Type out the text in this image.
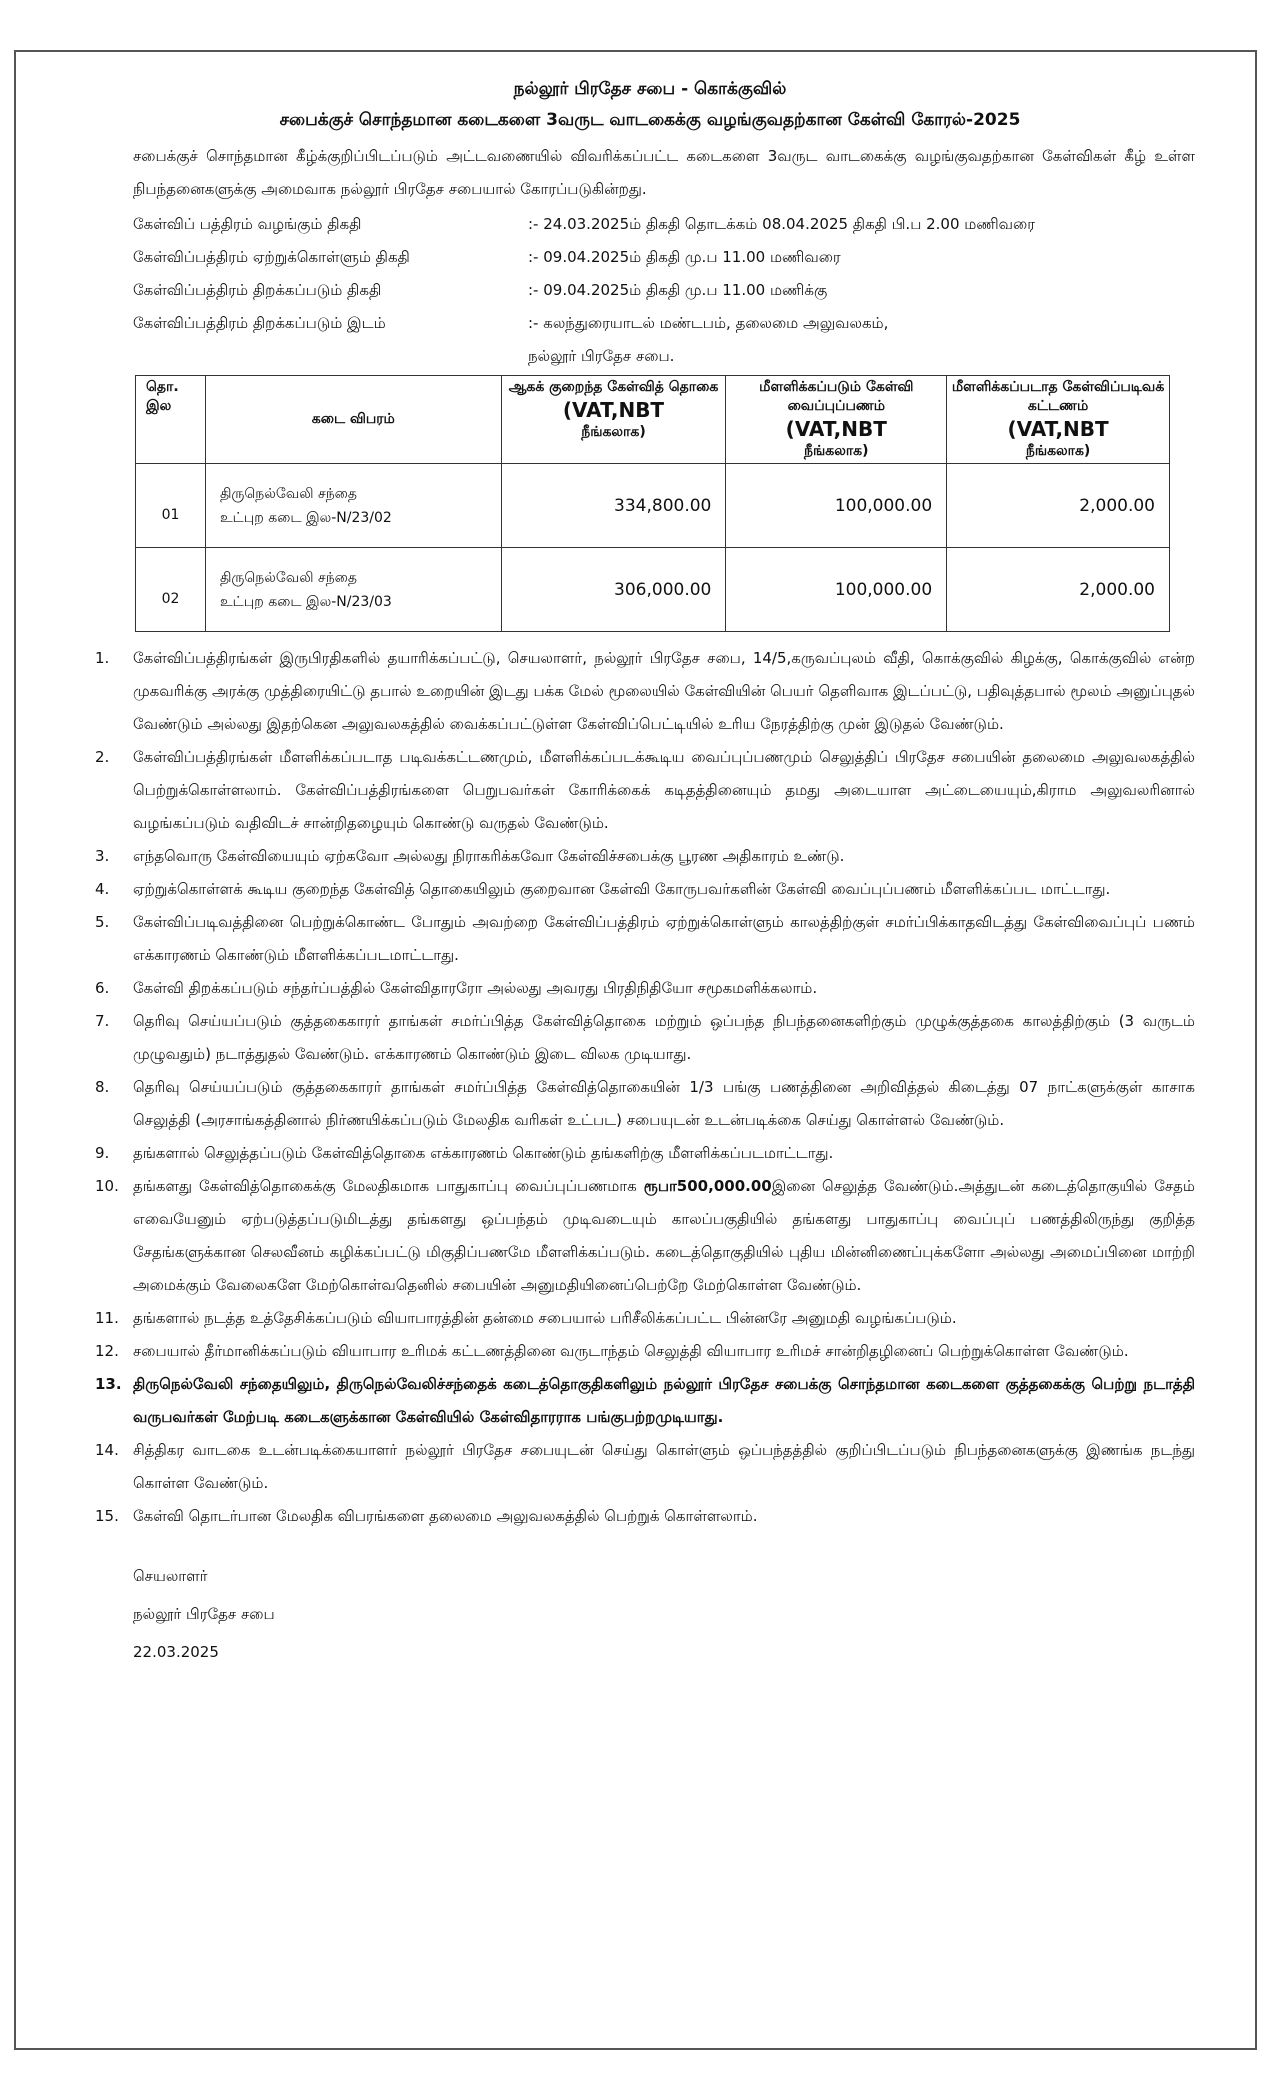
நல்லூர் பிரதேச சபை - கொக்குவில்
சபைக்குச் சொந்தமான கடைகளை 3வருட வாடகைக்கு வழங்குவதற்கான கேள்வி கோரல்-2025

சபைக்குச் சொந்தமான கீழ்க்குறிப்பிடப்படும் அட்டவணையில் விவரிக்கப்பட்ட கடைகளை 3வருட வாடகைக்கு வழங்குவதற்கான கேள்விகள் கீழ் உள்ள நிபந்தனைகளுக்கு அமைவாக நல்லூர் பிரதேச சபையால் கோரப்படுகின்றது.

கேள்விப் பத்திரம் வழங்கும் திகதி	:- 24.03.2025ம் திகதி தொடக்கம் 08.04.2025 திகதி பி.ப 2.00 மணிவரை
கேள்விப்பத்திரம் ஏற்றுக்கொள்ளும் திகதி	:- 09.04.2025ம் திகதி மு.ப 11.00 மணிவரை
கேள்விப்பத்திரம் திறக்கப்படும் திகதி	:- 09.04.2025ம் திகதி மு.ப 11.00 மணிக்கு
கேள்விப்பத்திரம் திறக்கப்படும் இடம்	:- கலந்துரையாடல் மண்டபம், தலைமை அலுவலகம்,
நல்லூர் பிரதேச சபை.
தொ. இல	கடை விபரம்	ஆகக் குறைந்த கேள்வித் தொகை
(VAT,NBT
நீங்கலாக)	மீளளிக்கப்படும் கேள்வி வைப்புப்பணம்
(VAT,NBT
நீங்கலாக)	மீளளிக்கப்படாத கேள்விப்படிவக் கட்டணம்
(VAT,NBT
நீங்கலாக)
01	திருநெல்வேலி சந்தை
உட்புற கடை இல-N/23/02	334,800.00	100,000.00	2,000.00
02	திருநெல்வேலி சந்தை
உட்புற கடை இல-N/23/03	306,000.00	100,000.00	2,000.00
1.	கேள்விப்பத்திரங்கள் இருபிரதிகளில் தயாரிக்கப்பட்டு, செயலாளர், நல்லூர் பிரதேச சபை, 14/5,கருவப்புலம் வீதி, கொக்குவில் கிழக்கு, கொக்குவில் என்ற முகவரிக்கு அரக்கு முத்திரையிட்டு தபால் உறையின் இடது பக்க மேல் மூலையில் கேள்வியின் பெயர் தெளிவாக இடப்பட்டு, பதிவுத்தபால் மூலம் அனுப்புதல் வேண்டும் அல்லது இதற்கென அலுவலகத்தில் வைக்கப்பட்டுள்ள கேள்விப்பெட்டியில் உரிய நேரத்திற்கு முன் இடுதல் வேண்டும்.
2.	கேள்விப்பத்திரங்கள் மீளளிக்கப்படாத படிவக்கட்டணமும், மீளளிக்கப்படக்கூடிய வைப்புப்பணமும் செலுத்திப் பிரதேச சபையின் தலைமை அலுவலகத்தில் பெற்றுக்கொள்ளலாம். கேள்விப்பத்திரங்களை பெறுபவர்கள் கோரிக்கைக் கடிதத்தினையும் தமது அடையாள அட்டையையும்,கிராம அலுவலரினால் வழங்கப்படும் வதிவிடச் சான்றிதழையும் கொண்டு வருதல் வேண்டும்.
3.	எந்தவொரு கேள்வியையும் ஏற்கவோ அல்லது நிராகரிக்கவோ கேள்விச்சபைக்கு பூரண அதிகாரம் உண்டு.
4.	ஏற்றுக்கொள்ளக் கூடிய குறைந்த கேள்வித் தொகையிலும் குறைவான கேள்வி கோருபவர்களின் கேள்வி வைப்புப்பணம் மீளளிக்கப்பட மாட்டாது.
5.	கேள்விப்படிவத்தினை பெற்றுக்கொண்ட போதும் அவற்றை கேள்விப்பத்திரம் ஏற்றுக்கொள்ளும் காலத்திற்குள் சமர்ப்பிக்காதவிடத்து கேள்விவைப்புப் பணம் எக்காரணம் கொண்டும் மீளளிக்கப்படமாட்டாது.
6.	கேள்வி திறக்கப்படும் சந்தர்ப்பத்தில் கேள்விதாரரோ அல்லது அவரது பிரதிநிதியோ சமூகமளிக்கலாம்.
7.	தெரிவு செய்யப்படும் குத்தகைகாரர் தாங்கள் சமர்ப்பித்த கேள்வித்தொகை மற்றும் ஒப்பந்த நிபந்தனைகளிற்கும் முழுக்குத்தகை காலத்திற்கும் (3 வருடம் முழுவதும்) நடாத்துதல் வேண்டும். எக்காரணம் கொண்டும் இடை விலக முடியாது.
8.	தெரிவு செய்யப்படும் குத்தகைகாரர் தாங்கள் சமர்ப்பித்த கேள்வித்தொகையின் 1/3 பங்கு பணத்தினை அறிவித்தல் கிடைத்து 07 நாட்களுக்குள் காசாக செலுத்தி (அரசாங்கத்தினால் நிர்ணயிக்கப்படும் மேலதிக வரிகள் உட்பட) சபையுடன் உடன்படிக்கை செய்து கொள்ளல் வேண்டும்.
9.	தங்களால் செலுத்தப்படும் கேள்வித்தொகை எக்காரணம் கொண்டும் தங்களிற்கு மீளளிக்கப்படமாட்டாது.
10. தங்களது கேள்வித்தொகைக்கு மேலதிகமாக பாதுகாப்பு வைப்புப்பணமாக ரூபா500,000.00இனை செலுத்த வேண்டும்.அத்துடன் கடைத்தொகுயில் சேதம் எவையேனும் ஏற்படுத்தப்படுமிடத்து தங்களது ஒப்பந்தம் முடிவடையும் காலப்பகுதியில் தங்களது பாதுகாப்பு வைப்புப் பணத்திலிருந்து குறித்த சேதங்களுக்கான செலவீனம் கழிக்கப்பட்டு மிகுதிப்பணமே மீளளிக்கப்படும். கடைத்தொகுதியில் புதிய மின்னிணைப்புக்களோ அல்லது அமைப்பினை மாற்றி அமைக்கும் வேலைகளே மேற்கொள்வதெனில் சபையின் அனுமதியினைப்பெற்றே மேற்கொள்ள வேண்டும்.
11. தங்களால் நடத்த உத்தேசிக்கப்படும் வியாபாரத்தின் தன்மை சபையால் பரிசீலிக்கப்பட்ட பின்னரே அனுமதி வழங்கப்படும்.
12. சபையால் தீர்மானிக்கப்படும் வியாபார உரிமக் கட்டணத்தினை வருடாந்தம் செலுத்தி வியாபார உரிமச் சான்றிதழினைப் பெற்றுக்கொள்ள வேண்டும்.
13. திருநெல்வேலி சந்தையிலும், திருநெல்வேலிச்சந்தைக் கடைத்தொகுதிகளிலும் நல்லூர் பிரதேச சபைக்கு சொந்தமான கடைகளை குத்தகைக்கு பெற்று நடாத்தி வருபவர்கள் மேற்படி கடைகளுக்கான கேள்வியில் கேள்விதாரராக பங்குபற்றமுடியாது.
14. சித்திகர வாடகை உடன்படிக்கையாளர் நல்லூர் பிரதேச சபையுடன் செய்து கொள்ளும் ஒப்பந்தத்தில் குறிப்பிடப்படும் நிபந்தனைகளுக்கு இணங்க நடந்து கொள்ள வேண்டும்.
15. கேள்வி தொடர்பான மேலதிக விபரங்களை தலைமை அலுவலகத்தில் பெற்றுக் கொள்ளலாம்.
செயலாளர்
நல்லூர் பிரதேச சபை
22.03.2025
